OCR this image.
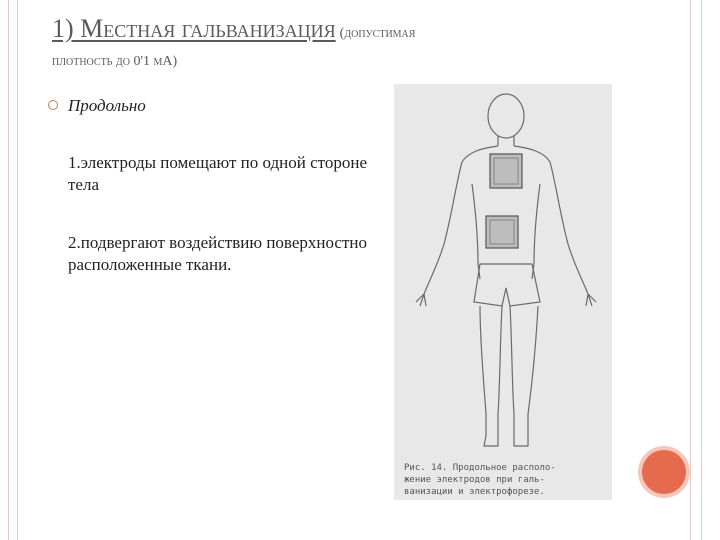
1) Местная гальванизация (допустимая
плотность до 0'1 мА)
Продольно
1.электроды помещают по одной стороне тела
2.подвергают воздействию поверхностно расположенные ткани.
Рис. 14. Продольное располо-
жение электродов при галь-
ванизации и электрофорезе.
